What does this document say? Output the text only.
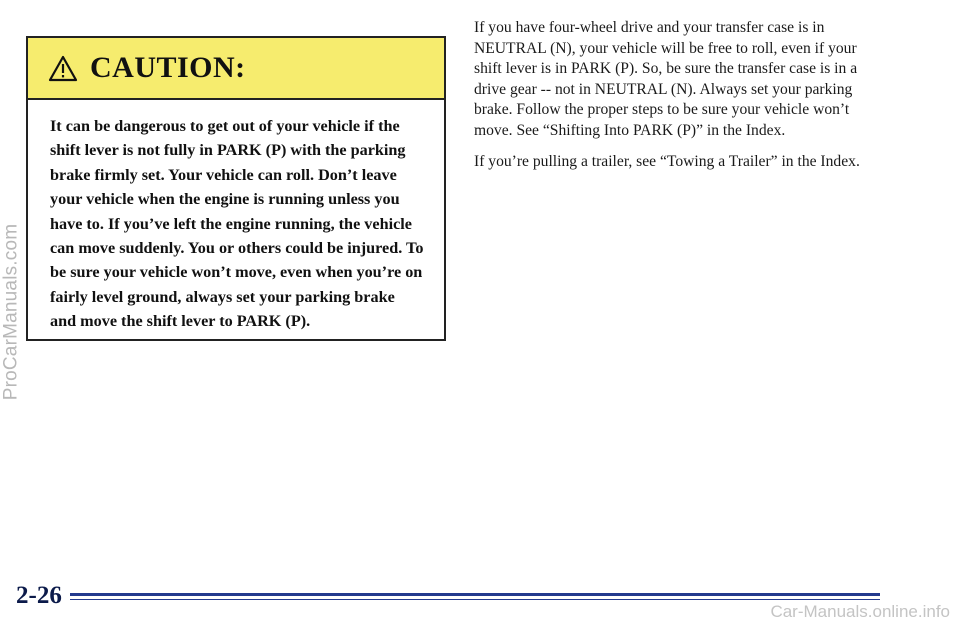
ProCarManuals.com
CAUTION:

It can be dangerous to get out of your vehicle if the shift lever is not fully in PARK (P) with the parking brake firmly set. Your vehicle can roll. Don’t leave your vehicle when the engine is running unless you have to. If you’ve left the engine running, the vehicle can move suddenly. You or others could be injured. To be sure your vehicle won’t move, even when you’re on fairly level ground, always set your parking brake and move the shift lever to PARK (P).

If you have four-wheel drive and your transfer case is in NEUTRAL (N), your vehicle will be free to roll, even if your shift lever is in PARK (P). So, be sure the transfer case is in a drive gear -- not in NEUTRAL (N). Always set your parking brake. Follow the proper steps to be sure your vehicle won’t move. See “Shifting Into PARK (P)” in the Index.

If you’re pulling a trailer, see “Towing a Trailer” in the Index.

2-26
Car-Manuals.online.info
